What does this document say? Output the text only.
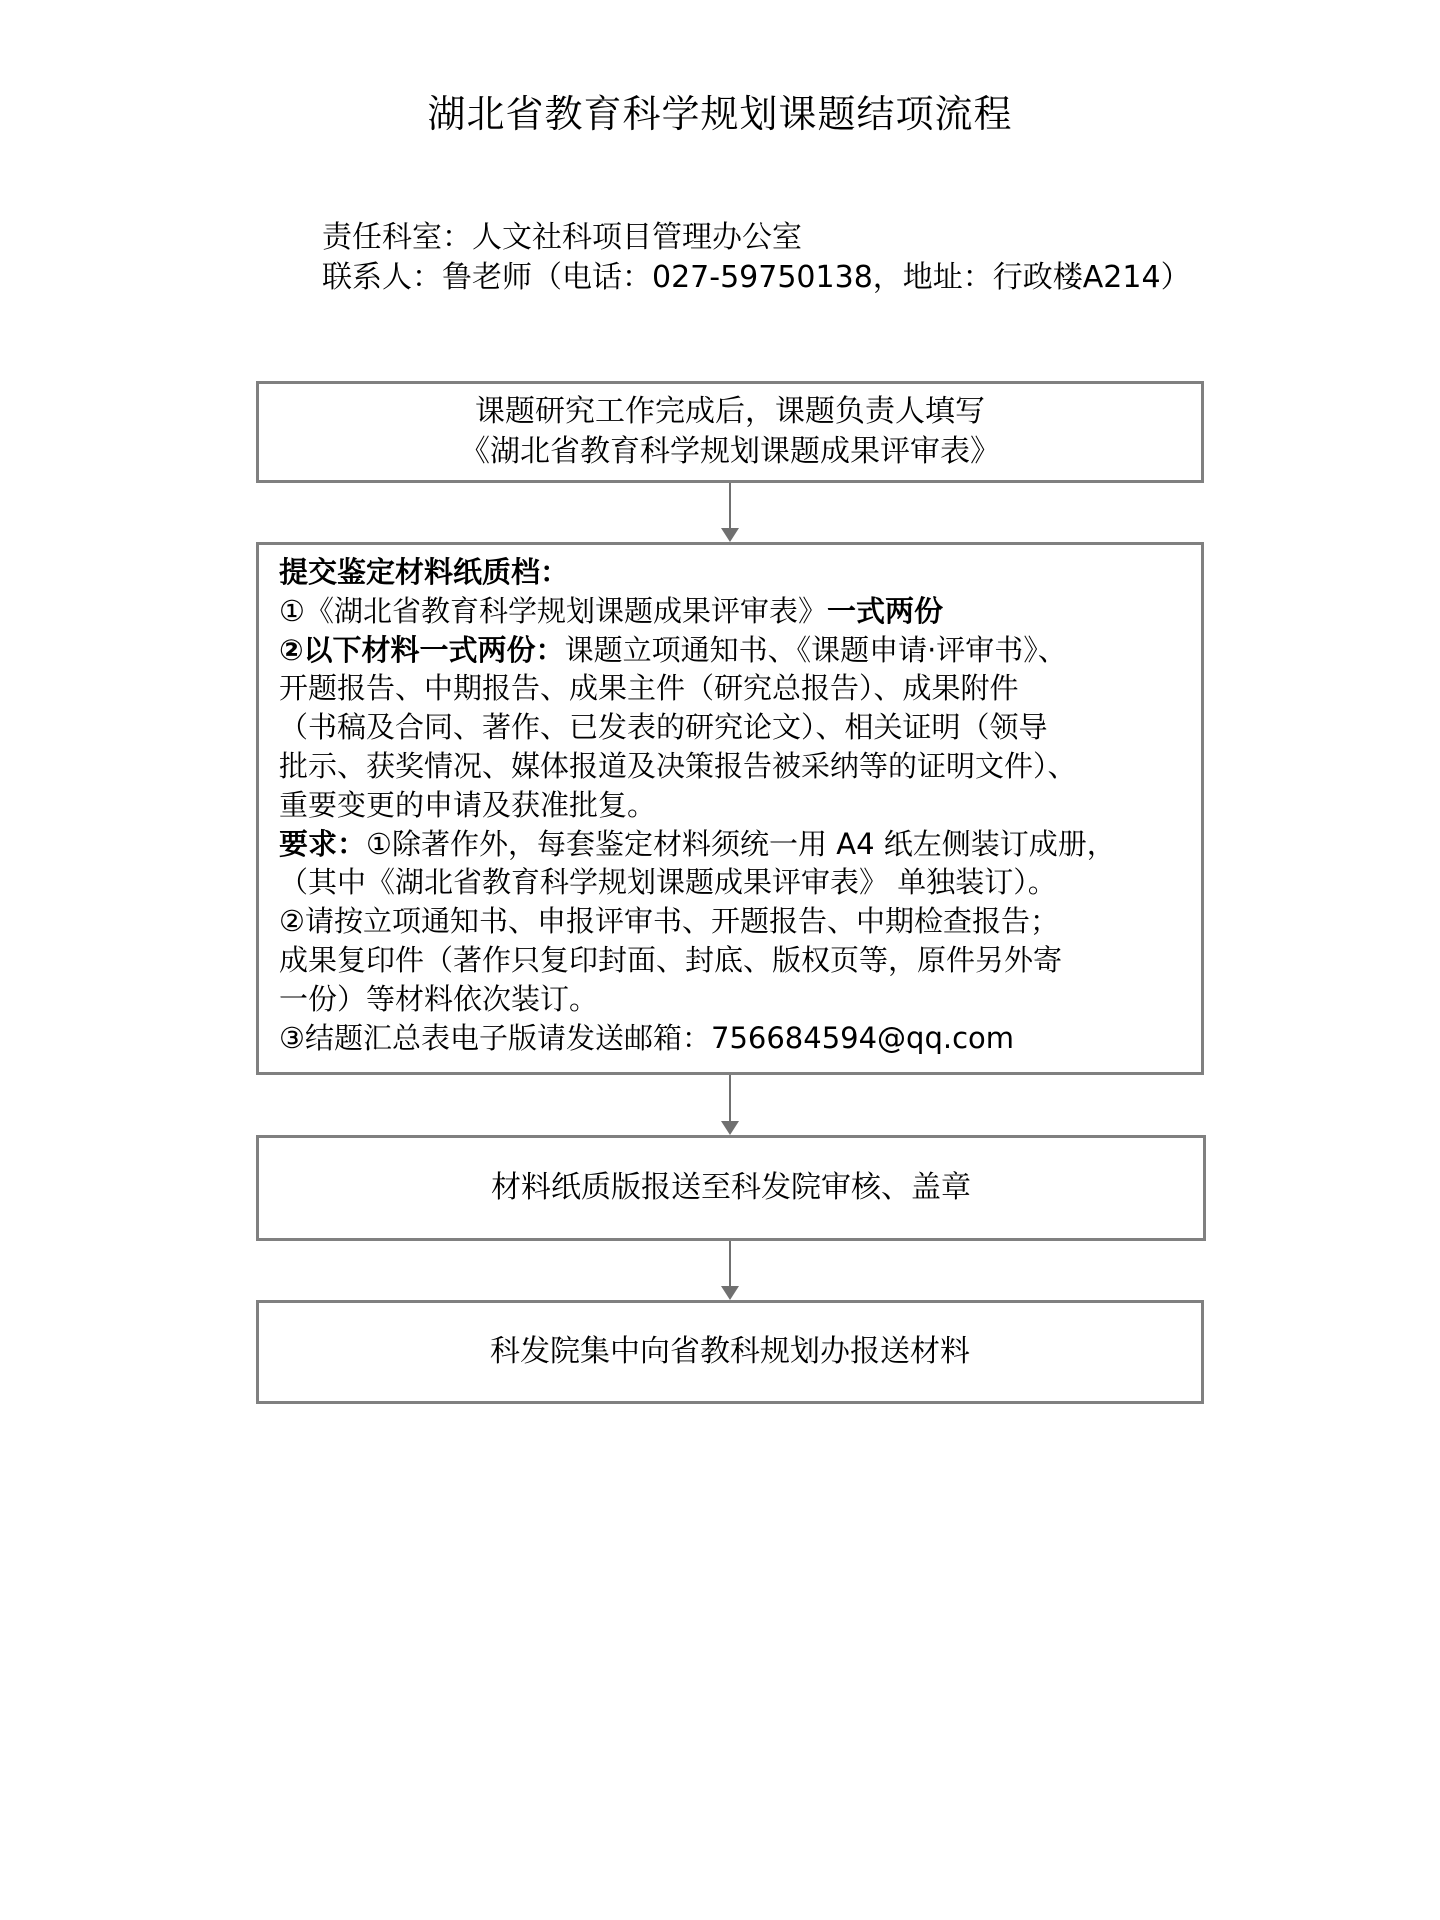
湖北省教育科学规划课题结项流程
责任科室：人文社科项目管理办公室
联系人：鲁老师（电话：027-59750138，地址：行政楼A214）
课题研究工作完成后，课题负责人填写
《湖北省教育科学规划课题成果评审表》
提交鉴定材料纸质档：
①《湖北省教育科学规划课题成果评审表》一式两份
②以下材料一式两份：课题立项通知书、《课题申请·评审书》、
开题报告、中期报告、成果主件（研究总报告）、成果附件
（书稿及合同、著作、已发表的研究论文）、相关证明（领导
批示、获奖情况、媒体报道及决策报告被采纳等的证明文件）、
重要变更的申请及获准批复。
要求：①除著作外，每套鉴定材料须统一用 A4 纸左侧装订成册，
（其中《湖北省教育科学规划课题成果评审表》 单独装订）。
②请按立项通知书、申报评审书、开题报告、中期检查报告；
成果复印件（著作只复印封面、封底、版权页等，原件另外寄
一份）等材料依次装订。
③结题汇总表电子版请发送邮箱：756684594@qq.com
材料纸质版报送至科发院审核、盖章
科发院集中向省教科规划办报送材料
